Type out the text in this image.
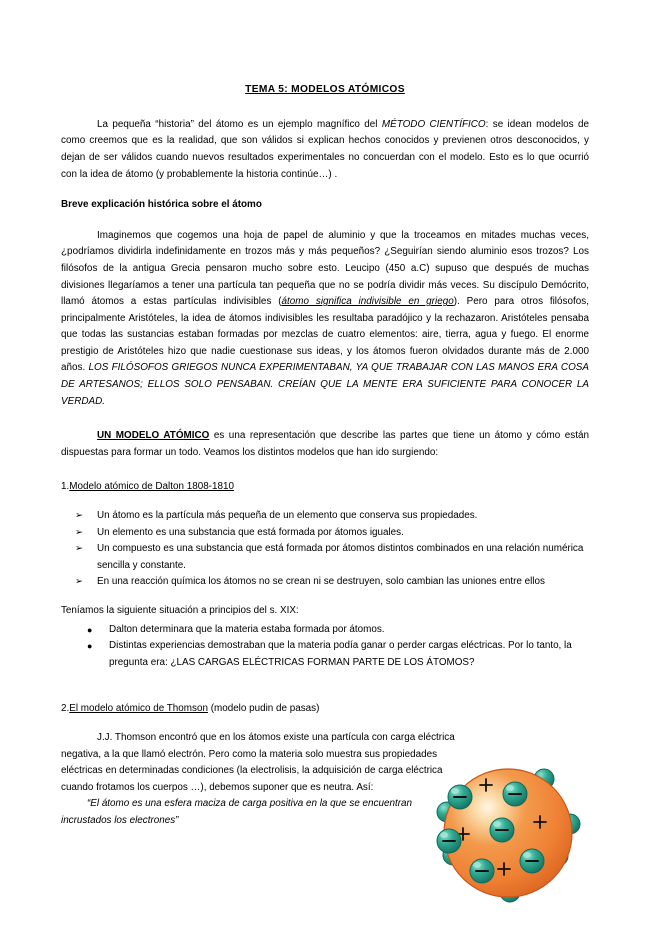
TEMA 5: MODELOS ATÓMICOS

La pequeña “historia” del átomo es un ejemplo magnífico del MÉTODO CIENTÍFICO: se idean modelos de como creemos que es la realidad, que son válidos si explican hechos conocidos y previenen otros desconocidos, y dejan de ser válidos cuando nuevos resultados experimentales no concuerdan con el modelo. Esto es lo que ocurrió con la idea de átomo (y probablemente la historia continúe…) .

Breve explicación histórica sobre el átomo

Imaginemos que cogemos una hoja de papel de aluminio y que la troceamos en mitades muchas veces, ¿podríamos dividirla indefinidamente en trozos más y más pequeños? ¿Seguirían siendo aluminio esos trozos? Los filósofos de la antigua Grecia pensaron mucho sobre esto. Leucipo (450 a.C) supuso que después de muchas divisiones llegaríamos a tener una partícula tan pequeña que no se podría dividir más veces. Su discípulo Demócrito, llamó átomos a estas partículas indivisibles (átomo significa indivisible en griego). Pero para otros filósofos, principalmente Aristóteles, la idea de átomos indivisibles les resultaba paradójico y la rechazaron. Aristóteles pensaba que todas las sustancias estaban formadas por mezclas de cuatro elementos: aire, tierra, agua y fuego. El enorme prestigio de Aristóteles hizo que nadie cuestionase sus ideas, y los átomos fueron olvidados durante más de 2.000 años. LOS FILÓSOFOS GRIEGOS NUNCA EXPERIMENTABAN, YA QUE TRABAJAR CON LAS MANOS ERA COSA DE ARTESANOS; ELLOS SOLO PENSABAN. CREÍAN QUE LA MENTE ERA SUFICIENTE PARA CONOCER LA VERDAD.

UN MODELO ATÓMICO es una representación que describe las partes que tiene un átomo y cómo están dispuestas para formar un todo. Veamos los distintos modelos que han ido surgiendo:

1.Modelo atómico de Dalton 1808-1810

➢ Un átomo es la partícula más pequeña de un elemento que conserva sus propiedades.
➢ Un elemento es una substancia que está formada por átomos iguales.
➢ Un compuesto es una substancia que está formada por átomos distintos combinados en una relación numérica sencilla y constante.
➢ En una reacción química los átomos no se crean ni se destruyen, solo cambian las uniones entre ellos

Teníamos la siguiente situación a principios del s. XIX:

● Dalton determinara que la materia estaba formada por átomos.
● Distintas experiencias demostraban que la materia podía ganar o perder cargas eléctricas. Por lo tanto, la pregunta era: ¿LAS CARGAS ELÉCTRICAS FORMAN PARTE DE LOS ÁTOMOS?

2.El modelo atómico de Thomson (modelo pudin de pasas)

J.J. Thomson encontró que en los átomos existe una partícula con carga eléctrica negativa, a la que llamó electrón. Pero como la materia solo muestra sus propiedades eléctricas en determinadas condiciones (la electrolisis, la adquisición de carga eléctrica cuando frotamos los cuerpos …), debemos suponer que es neutra. Así:
“El átomo es una esfera maciza de carga positiva en la que se encuentran
incrustados los electrones”
